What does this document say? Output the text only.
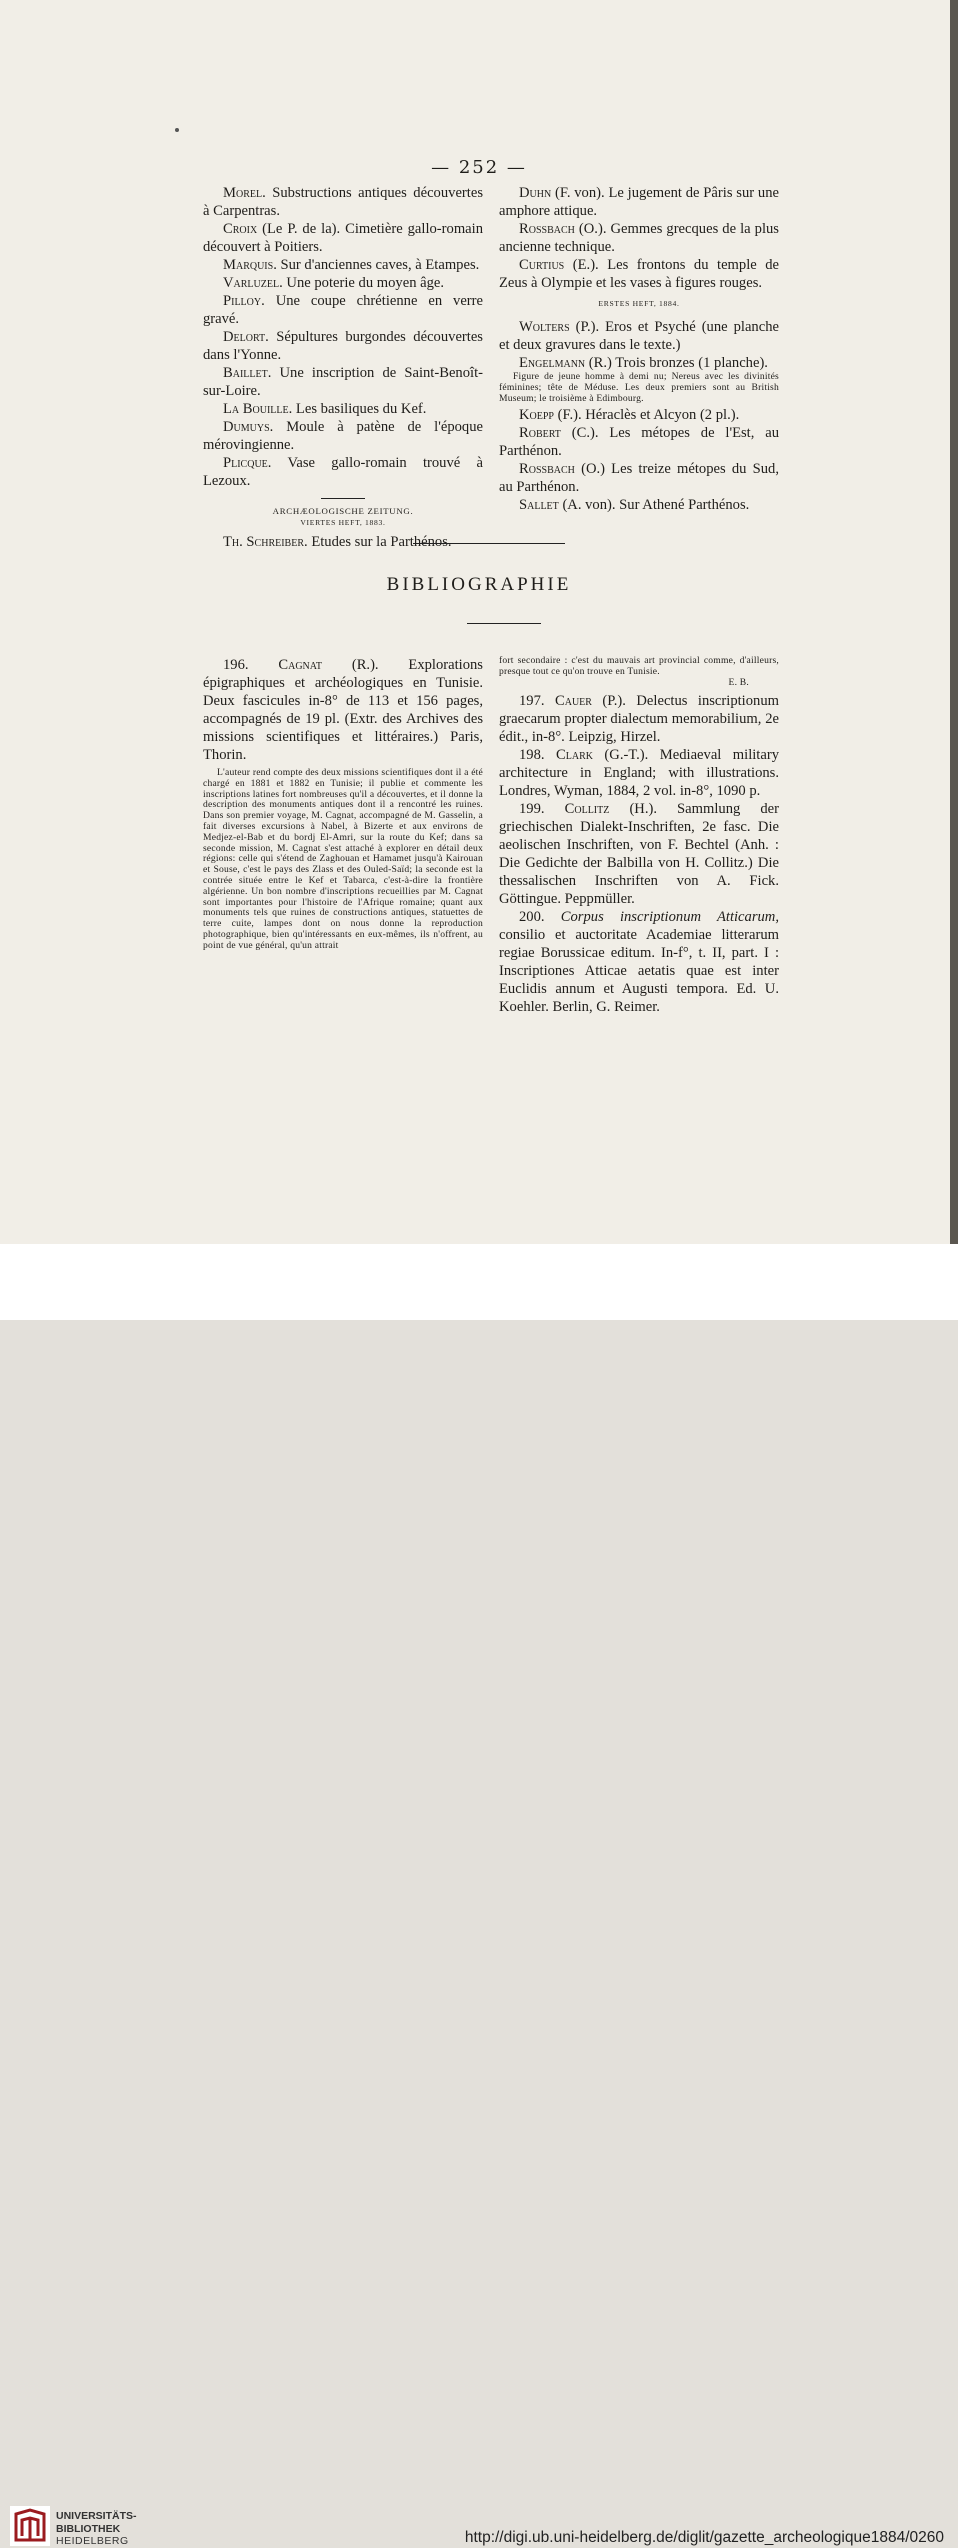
— 252 —

Morel. Substructions antiques découvertes à Carpentras.

Croix (Le P. de la). Cimetière gallo-romain découvert à Poitiers.

Marquis. Sur d'anciennes caves, à Etampes.

Varluzel. Une poterie du moyen âge.

Pilloy. Une coupe chrétienne en verre gravé.

Delort. Sépultures burgondes découvertes dans l'Yonne.

Baillet. Une inscription de Saint-Benoît-sur-Loire.

La Bouille. Les basiliques du Kef.

Dumuys. Moule à patène de l'époque mérovingienne.

Plicque. Vase gallo-romain trouvé à Lezoux.

ARCHÆOLOGISCHE ZEITUNG.

VIERTES HEFT, 1883.

Th. Schreiber. Etudes sur la Parthénos.

Duhn (F. von). Le jugement de Pâris sur une amphore attique.

Rossbach (O.). Gemmes grecques de la plus ancienne technique.

Curtius (E.). Les frontons du temple de Zeus à Olympie et les vases à figures rouges.

ERSTES HEFT, 1884.

Wolters (P.). Eros et Psyché (une planche et deux gravures dans le texte.)

Engelmann (R.) Trois bronzes (1 planche).

Figure de jeune homme à demi nu; Nereus avec les divinités féminines; tête de Méduse. Les deux premiers sont au British Museum; le troisième à Edimbourg.

Koepp (F.). Héraclès et Alcyon (2 pl.).

Robert (C.). Les métopes de l'Est, au Parthénon.

Rossbach (O.) Les treize métopes du Sud, au Parthénon.

Sallet (A. von). Sur Athené Parthénos.

BIBLIOGRAPHIE

196. Cagnat (R.). Explorations épigraphiques et archéologiques en Tunisie. Deux fascicules in-8° de 113 et 156 pages, accompagnés de 19 pl. (Extr. des Archives des missions scientifiques et littéraires.) Paris, Thorin.

L'auteur rend compte des deux missions scientifiques dont il a été chargé en 1881 et 1882 en Tunisie; il publie et commente les inscriptions latines fort nombreuses qu'il a découvertes, et il donne la description des monuments antiques dont il a rencontré les ruines. Dans son premier voyage, M. Cagnat, accompagné de M. Gasselin, a fait diverses excursions à Nabel, à Bizerte et aux environs de Medjez-el-Bab et du bordj El-Amri, sur la route du Kef; dans sa seconde mission, M. Cagnat s'est attaché à explorer en détail deux régions: celle qui s'étend de Zaghouan et Hamamet jusqu'à Kairouan et Souse, c'est le pays des Zlass et des Ouled-Saïd; la seconde est la contrée située entre le Kef et Tabarca, c'est-à-dire la frontière algérienne. Un bon nombre d'inscriptions recueillies par M. Cagnat sont importantes pour l'histoire de l'Afrique romaine; quant aux monuments tels que ruines de constructions antiques, statuettes de terre cuite, lampes dont on nous donne la reproduction photographique, bien qu'intéressants en eux-mêmes, ils n'offrent, au point de vue général, qu'un attrait

fort secondaire : c'est du mauvais art provincial comme, d'ailleurs, presque tout ce qu'on trouve en Tunisie.
E. B.

197. Cauer (P.). Delectus inscriptionum graecarum propter dialectum memorabilium, 2e édit., in-8°. Leipzig, Hirzel.

198. Clark (G.-T.). Mediaeval military architecture in England; with illustrations. Londres, Wyman, 1884, 2 vol. in-8°, 1090 p.

199. Collitz (H.). Sammlung der griechischen Dialekt-Inschriften, 2e fasc. Die aeolischen Inschriften, von F. Bechtel (Anh. : Die Gedichte der Balbilla von H. Collitz.) Die thessalischen Inschriften von A. Fick. Göttingue. Peppmüller.

200. Corpus inscriptionum Atticarum, consilio et auctoritate Academiae litterarum regiae Borussicae editum. In-f°, t. II, part. I : Inscriptiones Atticae aetatis quae est inter Euclidis annum et Augusti tempora. Ed. U. Koehler. Berlin, G. Reimer.

UNIVERSITÄTS-
BIBLIOTHEK
HEIDELBERG	http://digi.ub.uni-heidelberg.de/diglit/gazette_archeologique1884/0260
